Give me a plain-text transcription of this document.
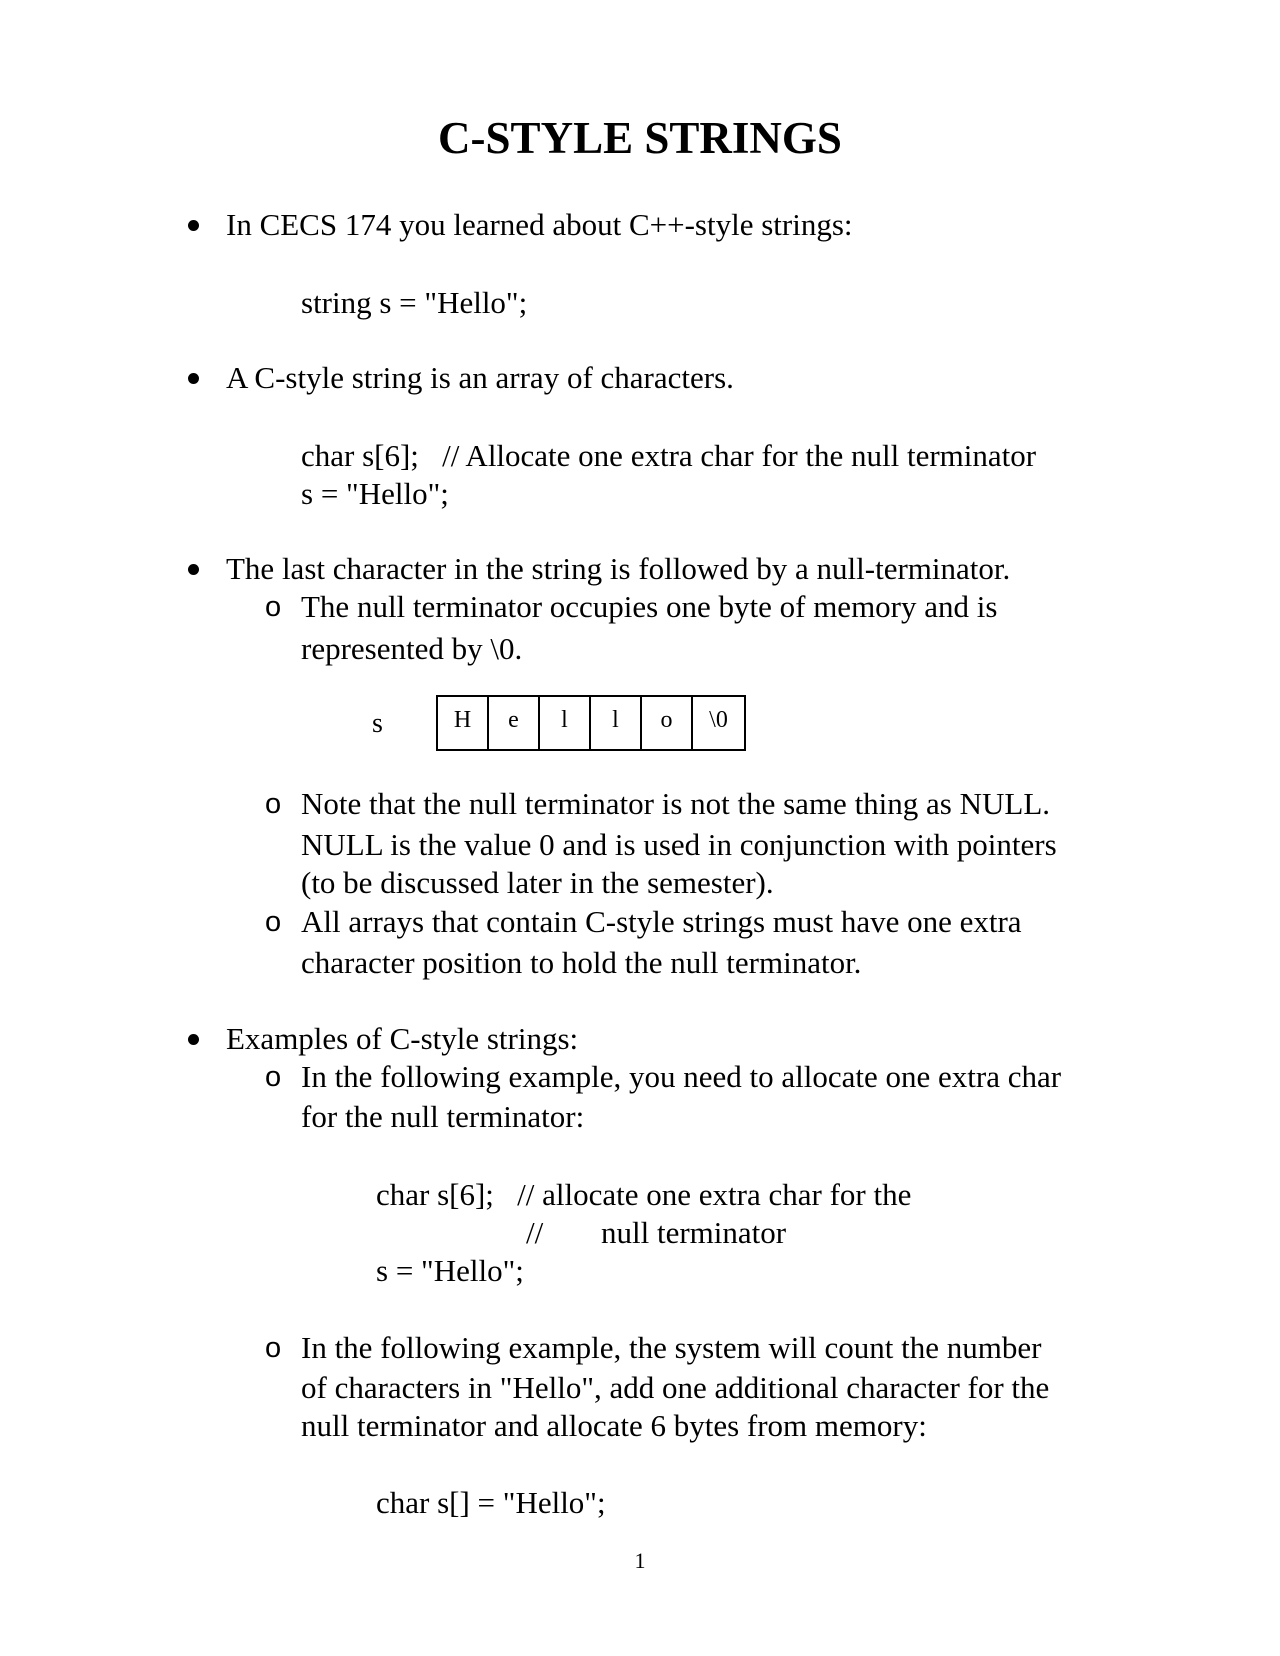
C-STYLE STRINGS
In CECS 174 you learned about C++-style strings:
string s = "Hello";
A C-style string is an array of characters.
char s[6];   // Allocate one extra char for the null terminator
s = "Hello";
The last character in the string is followed by a null-terminator.
o The null terminator occupies one byte of memory and is
represented by \0.
s	H	e	l	l	o	\0
o Note that the null terminator is not the same thing as NULL.
NULL is the value 0 and is used in conjunction with pointers
(to be discussed later in the semester).
o All arrays that contain C-style strings must have one extra
character position to hold the null terminator.
Examples of C-style strings:
o In the following example, you need to allocate one extra char
for the null terminator:
char s[6];   // allocate one extra char for the
// null terminator
s = "Hello";
o In the following example, the system will count the number
of characters in "Hello", add one additional character for the
null terminator and allocate 6 bytes from memory:
char s[] = "Hello";
1
